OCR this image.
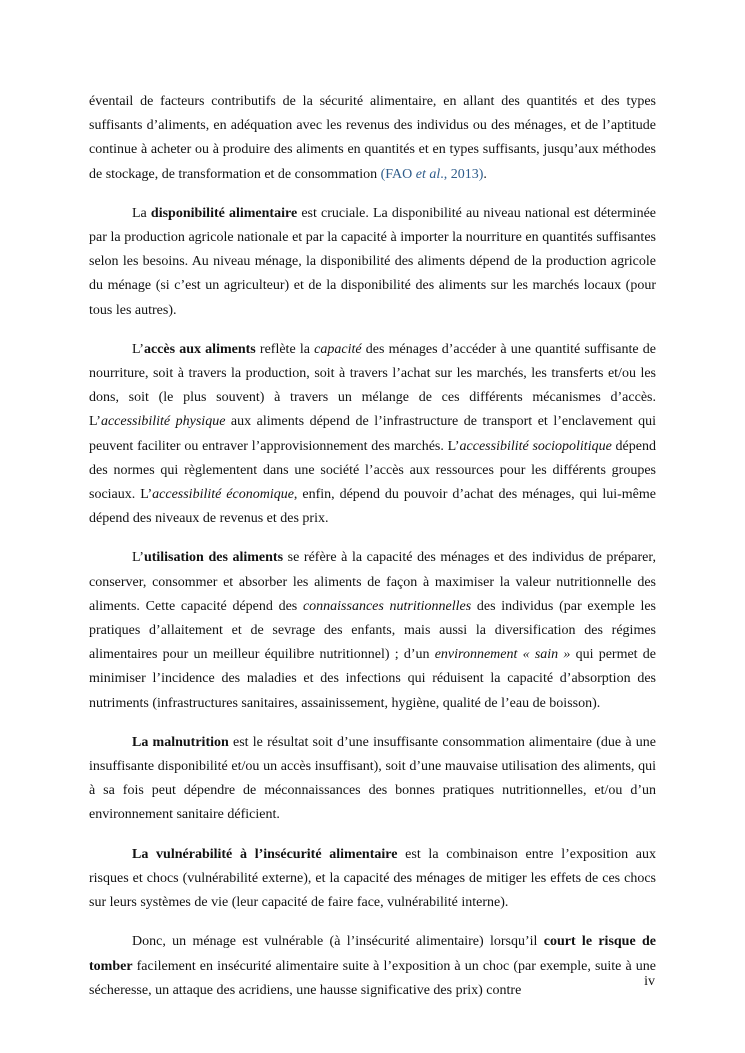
éventail de facteurs contributifs de la sécurité alimentaire, en allant des quantités et des types suffisants d’aliments, en adéquation avec les revenus des individus ou des ménages, et de l’aptitude continue à acheter ou à produire des aliments en quantités et en types suffisants, jusqu’aux méthodes de stockage, de transformation et de consommation (FAO et al., 2013).

La disponibilité alimentaire est cruciale. La disponibilité au niveau national est déterminée par la production agricole nationale et par la capacité à importer la nourriture en quantités suffisantes selon les besoins. Au niveau ménage, la disponibilité des aliments dépend de la production agricole du ménage (si c’est un agriculteur) et de la disponibilité des aliments sur les marchés locaux (pour tous les autres).

L’accès aux aliments reflète la capacité des ménages d’accéder à une quantité suffisante de nourriture, soit à travers la production, soit à travers l’achat sur les marchés, les transferts et/ou les dons, soit (le plus souvent) à travers un mélange de ces différents mécanismes d’accès. L’accessibilité physique aux aliments dépend de l’infrastructure de transport et l’enclavement qui peuvent faciliter ou entraver l’approvisionnement des marchés. L’accessibilité sociopolitique dépend des normes qui règlementent dans une société l’accès aux ressources pour les différents groupes sociaux. L’accessibilité économique, enfin, dépend du pouvoir d’achat des ménages, qui lui-même dépend des niveaux de revenus et des prix.

L’utilisation des aliments se réfère à la capacité des ménages et des individus de préparer, conserver, consommer et absorber les aliments de façon à maximiser la valeur nutritionnelle des aliments. Cette capacité dépend des connaissances nutritionnelles des individus (par exemple les pratiques d’allaitement et de sevrage des enfants, mais aussi la diversification des régimes alimentaires pour un meilleur équilibre nutritionnel) ; d’un environnement « sain » qui permet de minimiser l’incidence des maladies et des infections qui réduisent la capacité d’absorption des nutriments (infrastructures sanitaires, assainissement, hygiène, qualité de l’eau de boisson).

La malnutrition est le résultat soit d’une insuffisante consommation alimentaire (due à une insuffisante disponibilité et/ou un accès insuffisant), soit d’une mauvaise utilisation des aliments, qui à sa fois peut dépendre de méconnaissances des bonnes pratiques nutritionnelles, et/ou d’un environnement sanitaire déficient.

La vulnérabilité à l’insécurité alimentaire est la combinaison entre l’exposition aux risques et chocs (vulnérabilité externe), et la capacité des ménages de mitiger les effets de ces chocs sur leurs systèmes de vie (leur capacité de faire face, vulnérabilité interne).

Donc, un ménage est vulnérable (à l’insécurité alimentaire) lorsqu’il court le risque de tomber facilement en insécurité alimentaire suite à l’exposition à un choc (par exemple, suite à une sécheresse, un attaque des acridiens, une hausse significative des prix) contre

iv
